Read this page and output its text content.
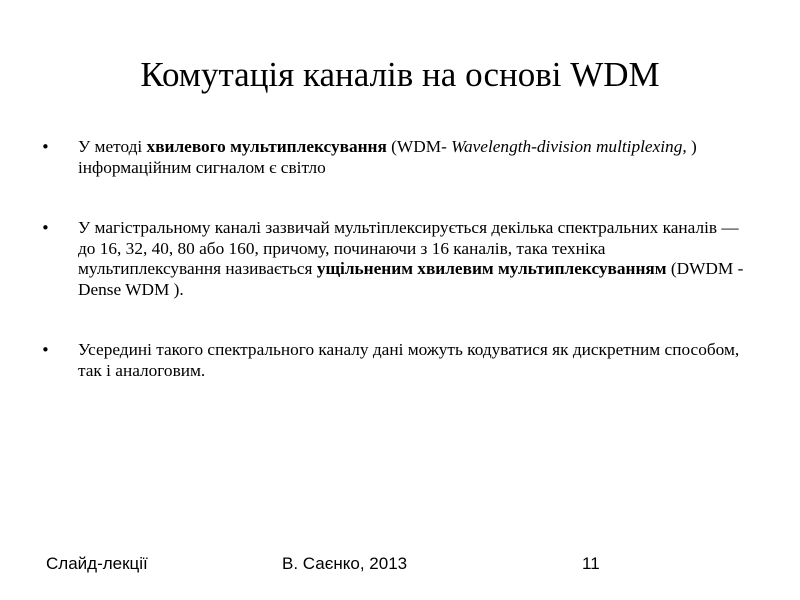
Комутація каналів на основі WDM
• У методі хвилевого мультиплексування (WDM- Wavelength-division multiplexing, ) інформаційним сигналом є світло
• У магістральному каналі зазвичай мультіплексирується декілька спектральних каналів — до 16, 32, 40, 80 або 160, причому, починаючи з 16 каналів, така техніка мультиплексування називається ущільненим хвилевим мультиплексуванням (DWDM -Dense WDM ).
• Усередині такого спектрального каналу дані можуть кодуватися як дискретним способом, так і аналоговим.
Слайд-лекції	В. Саєнко, 2013	11
